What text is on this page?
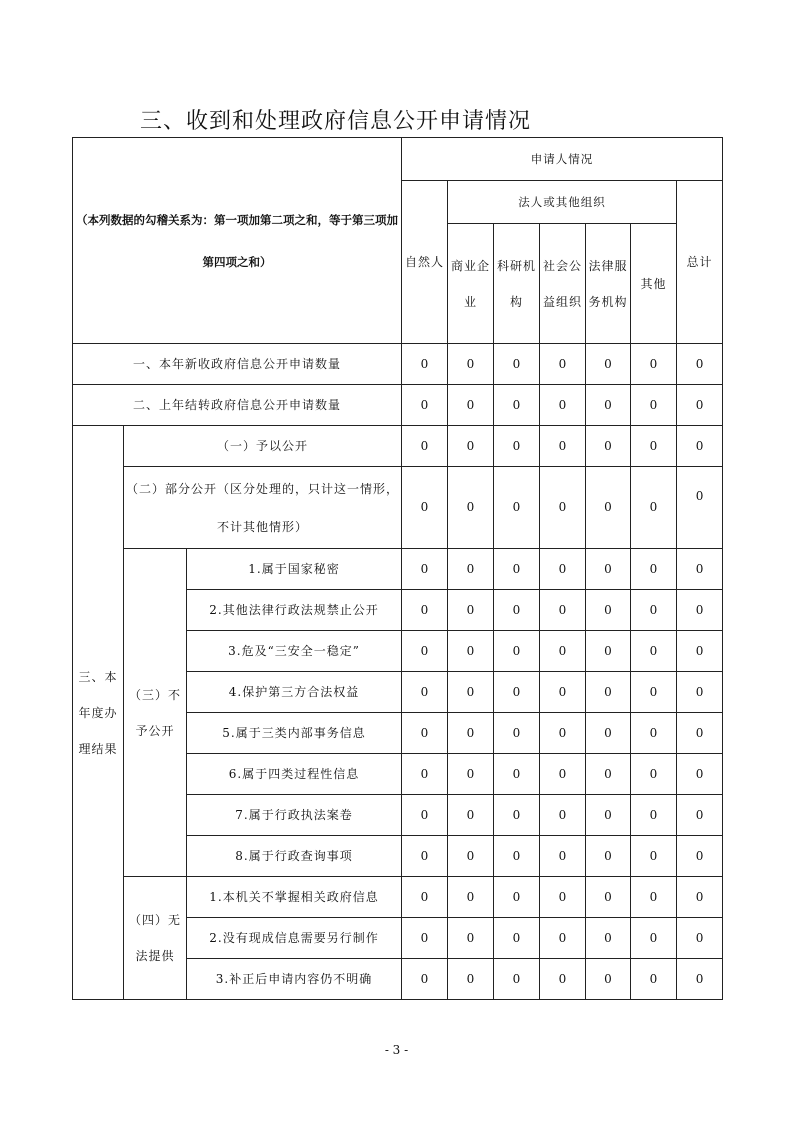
三、收到和处理政府信息公开申请情况
（本列数据的勾稽关系为：第一项加第二项之和，等于第三项加第四项之和）			申请人情况						
			自然人	法人或其他组织					总计
				商业企业	科研机构	社会公益组织	法律服务机构	其他	

一、本年新收政府信息公开申请数量			0	0	0	0	0	0	0
二、上年结转政府信息公开申请数量			0	0	0	0	0	0	0
三、本年度办理结果	（一）予以公开		0	0	0	0	0	0	0
	（二）部分公开（区分处理的，只计这一情形，不计其他情形）		0	0	0	0	0	0	0
	（三）不予公开	1.属于国家秘密	0	0	0	0	0	0	0
		2.其他法律行政法规禁止公开	0	0	0	0	0	0	0
		3.危及“三安全一稳定”	0	0	0	0	0	0	0
		4.保护第三方合法权益	0	0	0	0	0	0	0
		5.属于三类内部事务信息	0	0	0	0	0	0	0
		6.属于四类过程性信息	0	0	0	0	0	0	0
		7.属于行政执法案卷	0	0	0	0	0	0	0
		8.属于行政查询事项	0	0	0	0	0	0	0
	（四）无法提供	1.本机关不掌握相关政府信息	0	0	0	0	0	0	0
		2.没有现成信息需要另行制作	0	0	0	0	0	0	0
		3.补正后申请内容仍不明确	0	0	0	0	0	0	0
- 3 -
